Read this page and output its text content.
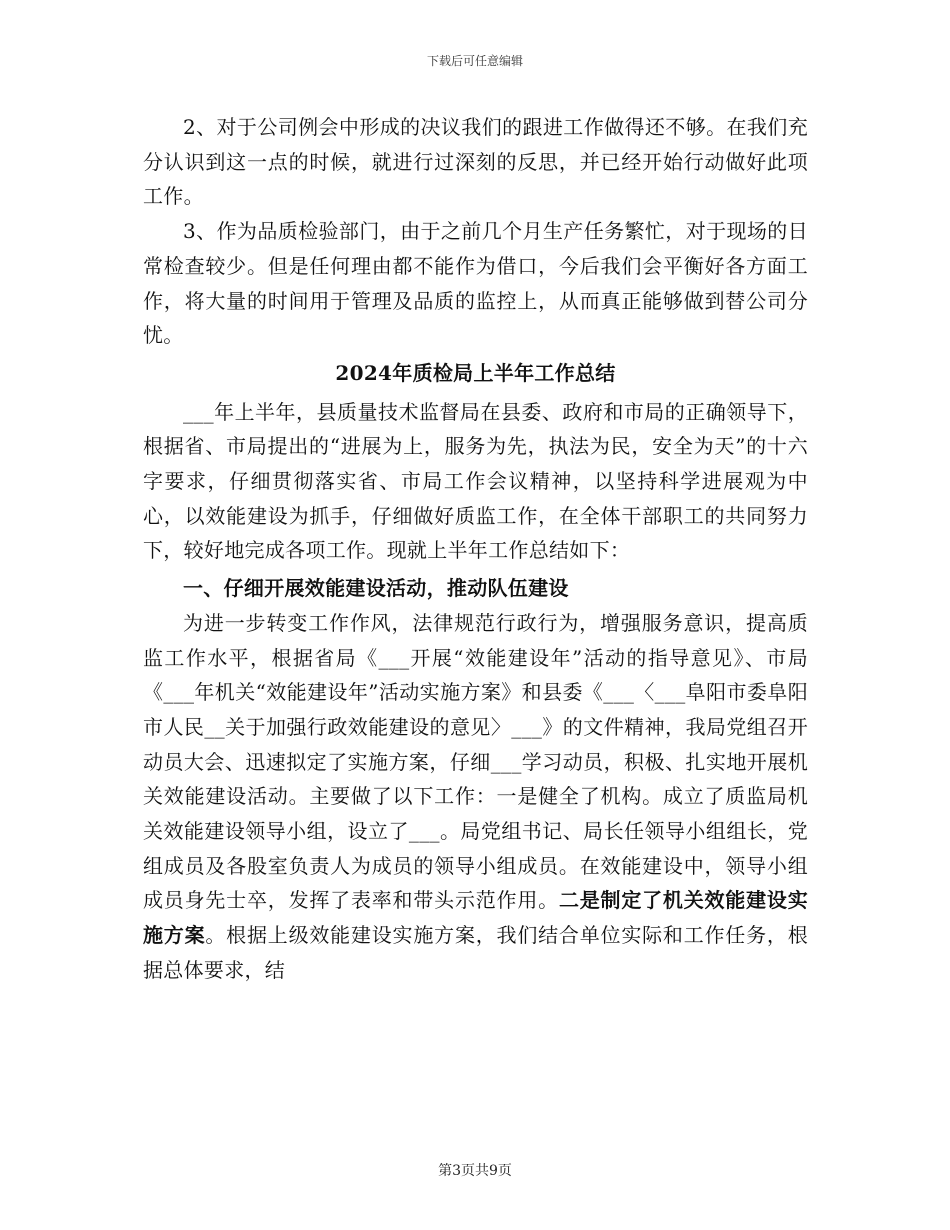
下载后可任意编辑

2、对于公司例会中形成的决议我们的跟进工作做得还不够。在我们充分认识到这一点的时候，就进行过深刻的反思，并已经开始行动做好此项工作。

3、作为品质检验部门，由于之前几个月生产任务繁忙，对于现场的日常检查较少。但是任何理由都不能作为借口，今后我们会平衡好各方面工作，将大量的时间用于管理及品质的监控上，从而真正能够做到替公司分忧。

2024年质检局上半年工作总结

___年上半年，县质量技术监督局在县委、政府和市局的正确领导下，根据省、市局提出的“进展为上，服务为先，执法为民，安全为天”的十六字要求，仔细贯彻落实省、市局工作会议精神，以坚持科学进展观为中心，以效能建设为抓手，仔细做好质监工作，在全体干部职工的共同努力下，较好地完成各项工作。现就上半年工作总结如下：

一、仔细开展效能建设活动，推动队伍建设

为进一步转变工作作风，法律规范行政行为，增强服务意识，提高质监工作水平，根据省局《___开展“效能建设年”活动的指导意见》、市局《___年机关“效能建设年”活动实施方案》和县委《___〈___阜阳市委阜阳市人民__关于加强行政效能建设的意见〉___》的文件精神，我局党组召开动员大会、迅速拟定了实施方案，仔细___学习动员，积极、扎实地开展机关效能建设活动。主要做了以下工作：一是健全了机构。成立了质监局机关效能建设领导小组，设立了___。局党组书记、局长任领导小组组长，党组成员及各股室负责人为成员的领导小组成员。在效能建设中，领导小组成员身先士卒，发挥了表率和带头示范作用。二是制定了机关效能建设实施方案。根据上级效能建设实施方案，我们结合单位实际和工作任务，根据总体要求，结

第3页共9页
